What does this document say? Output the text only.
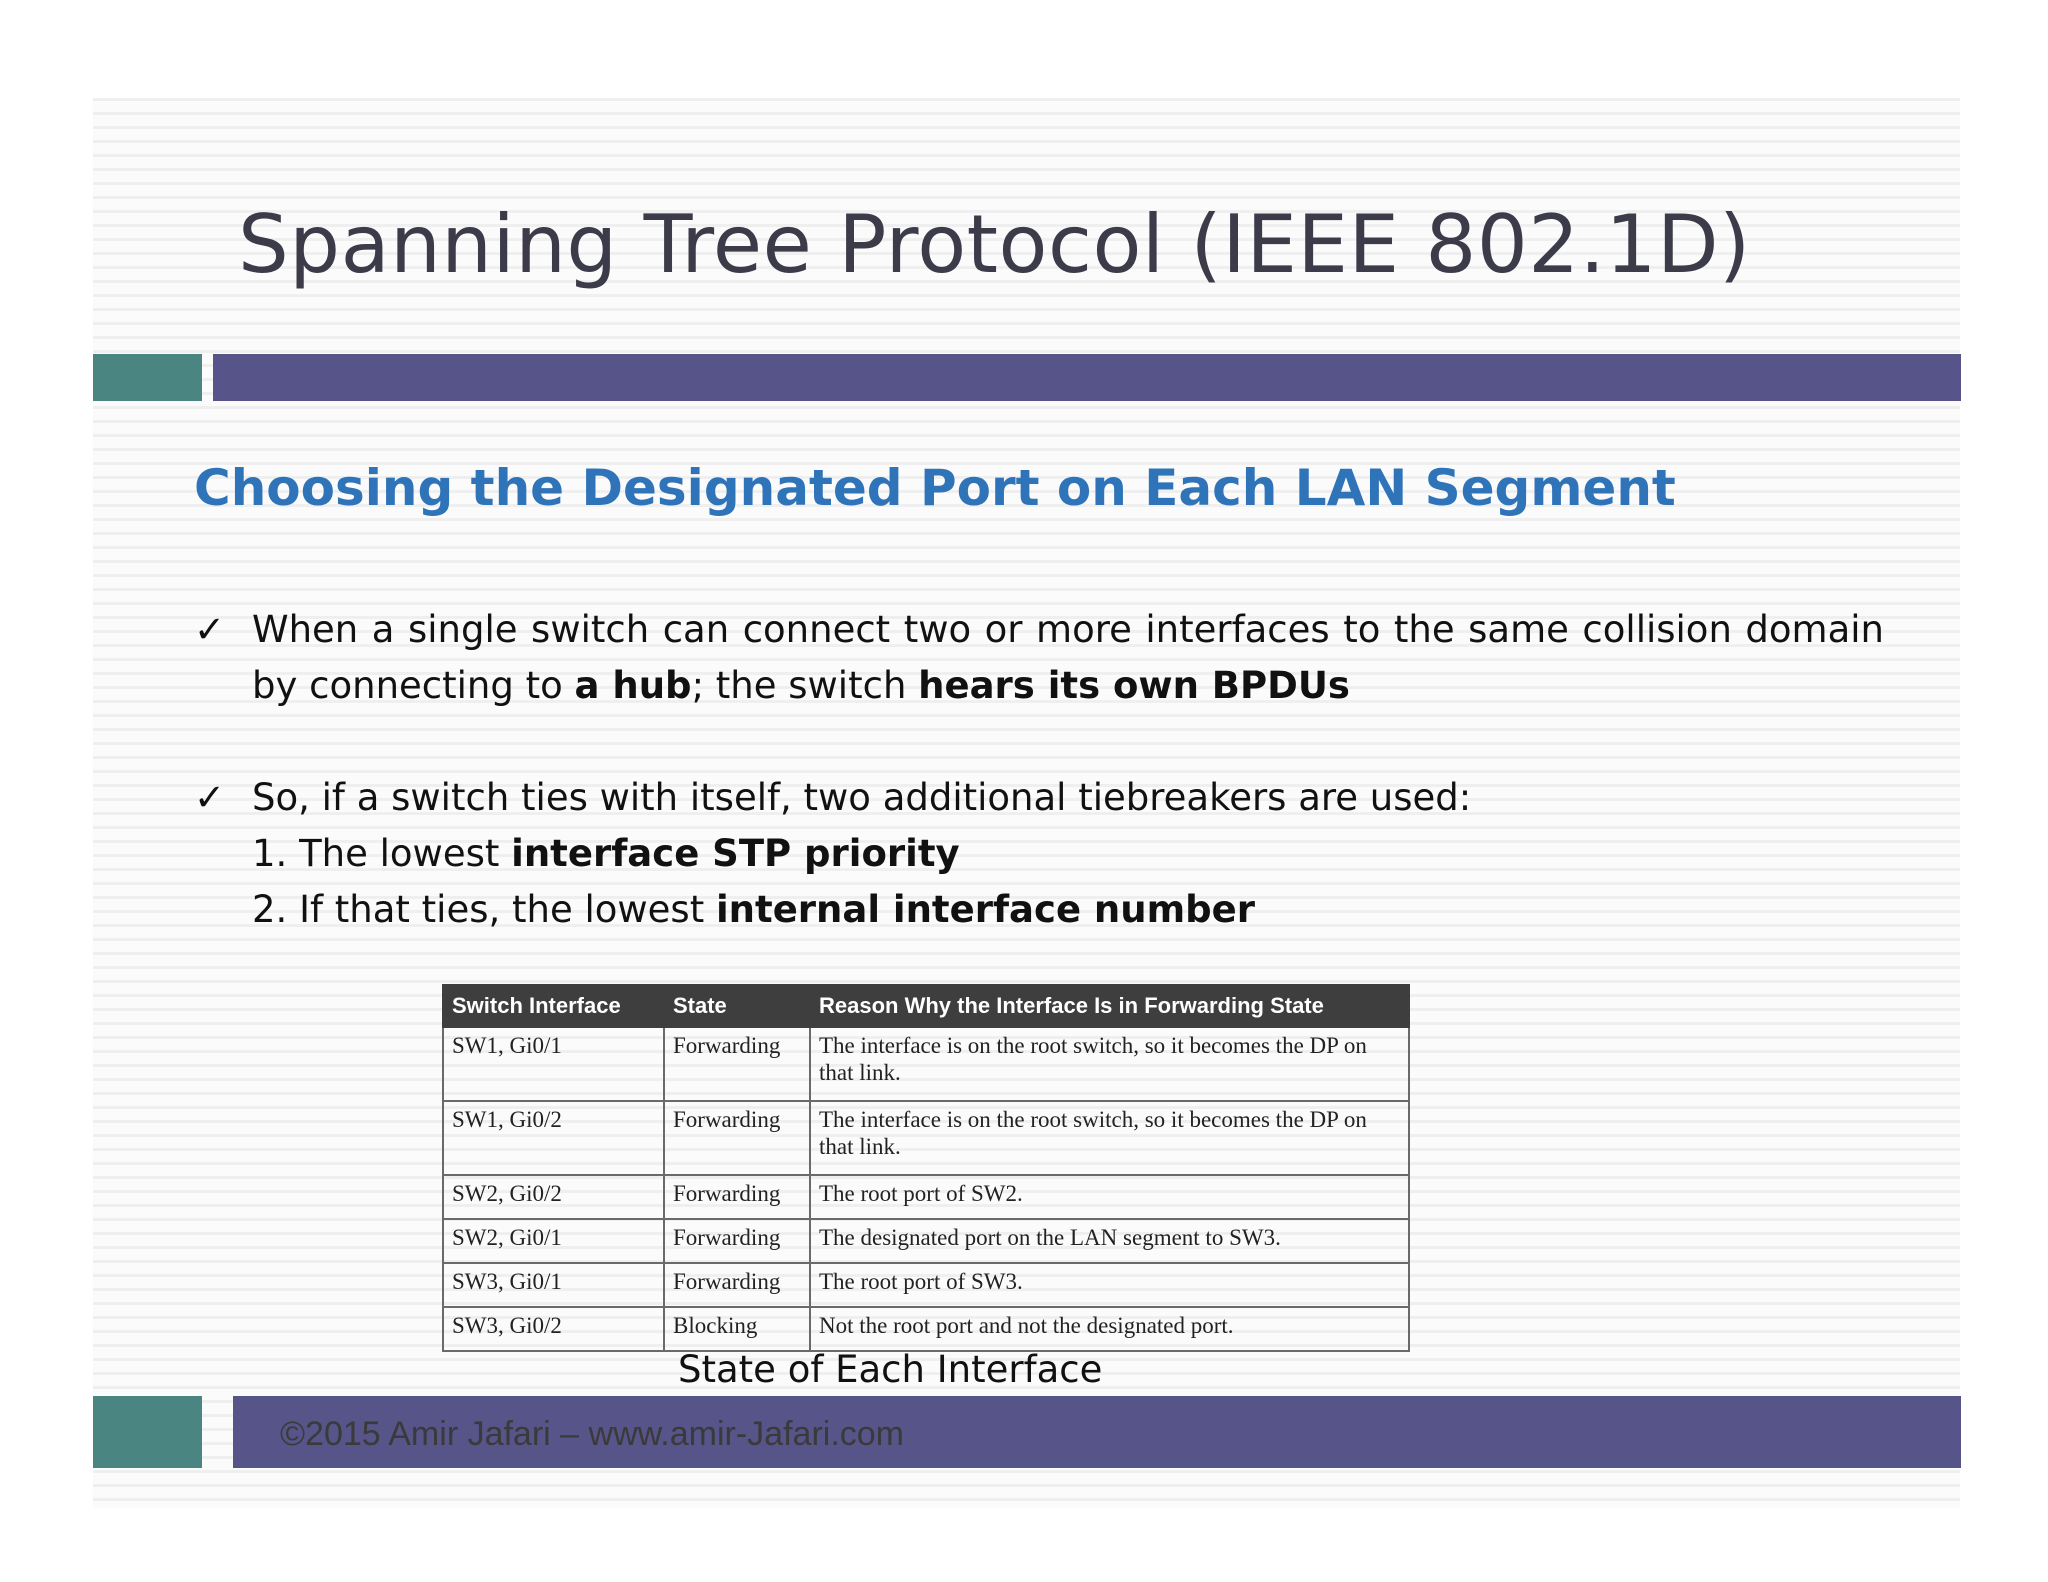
Spanning Tree Protocol (IEEE 802.1D)
Choosing the Designated Port on Each LAN Segment
✓ When a single switch can connect two or more interfaces to the same collision domain
by connecting to a hub; the switch hears its own BPDUs
✓ So, if a switch ties with itself, two additional tiebreakers are used:
1. The lowest interface STP priority
2. If that ties, the lowest internal interface number
Switch Interface	State	Reason Why the Interface Is in Forwarding State
SW1, Gi0/1	Forwarding	The interface is on the root switch, so it becomes the DP on that link.
SW1, Gi0/2	Forwarding	The interface is on the root switch, so it becomes the DP on that link.
SW2, Gi0/2	Forwarding	The root port of SW2.
SW2, Gi0/1	Forwarding	The designated port on the LAN segment to SW3.
SW3, Gi0/1	Forwarding	The root port of SW3.
SW3, Gi0/2	Blocking	Not the root port and not the designated port.
State of Each Interface
©2015 Amir Jafari – www.amir-Jafari.com
